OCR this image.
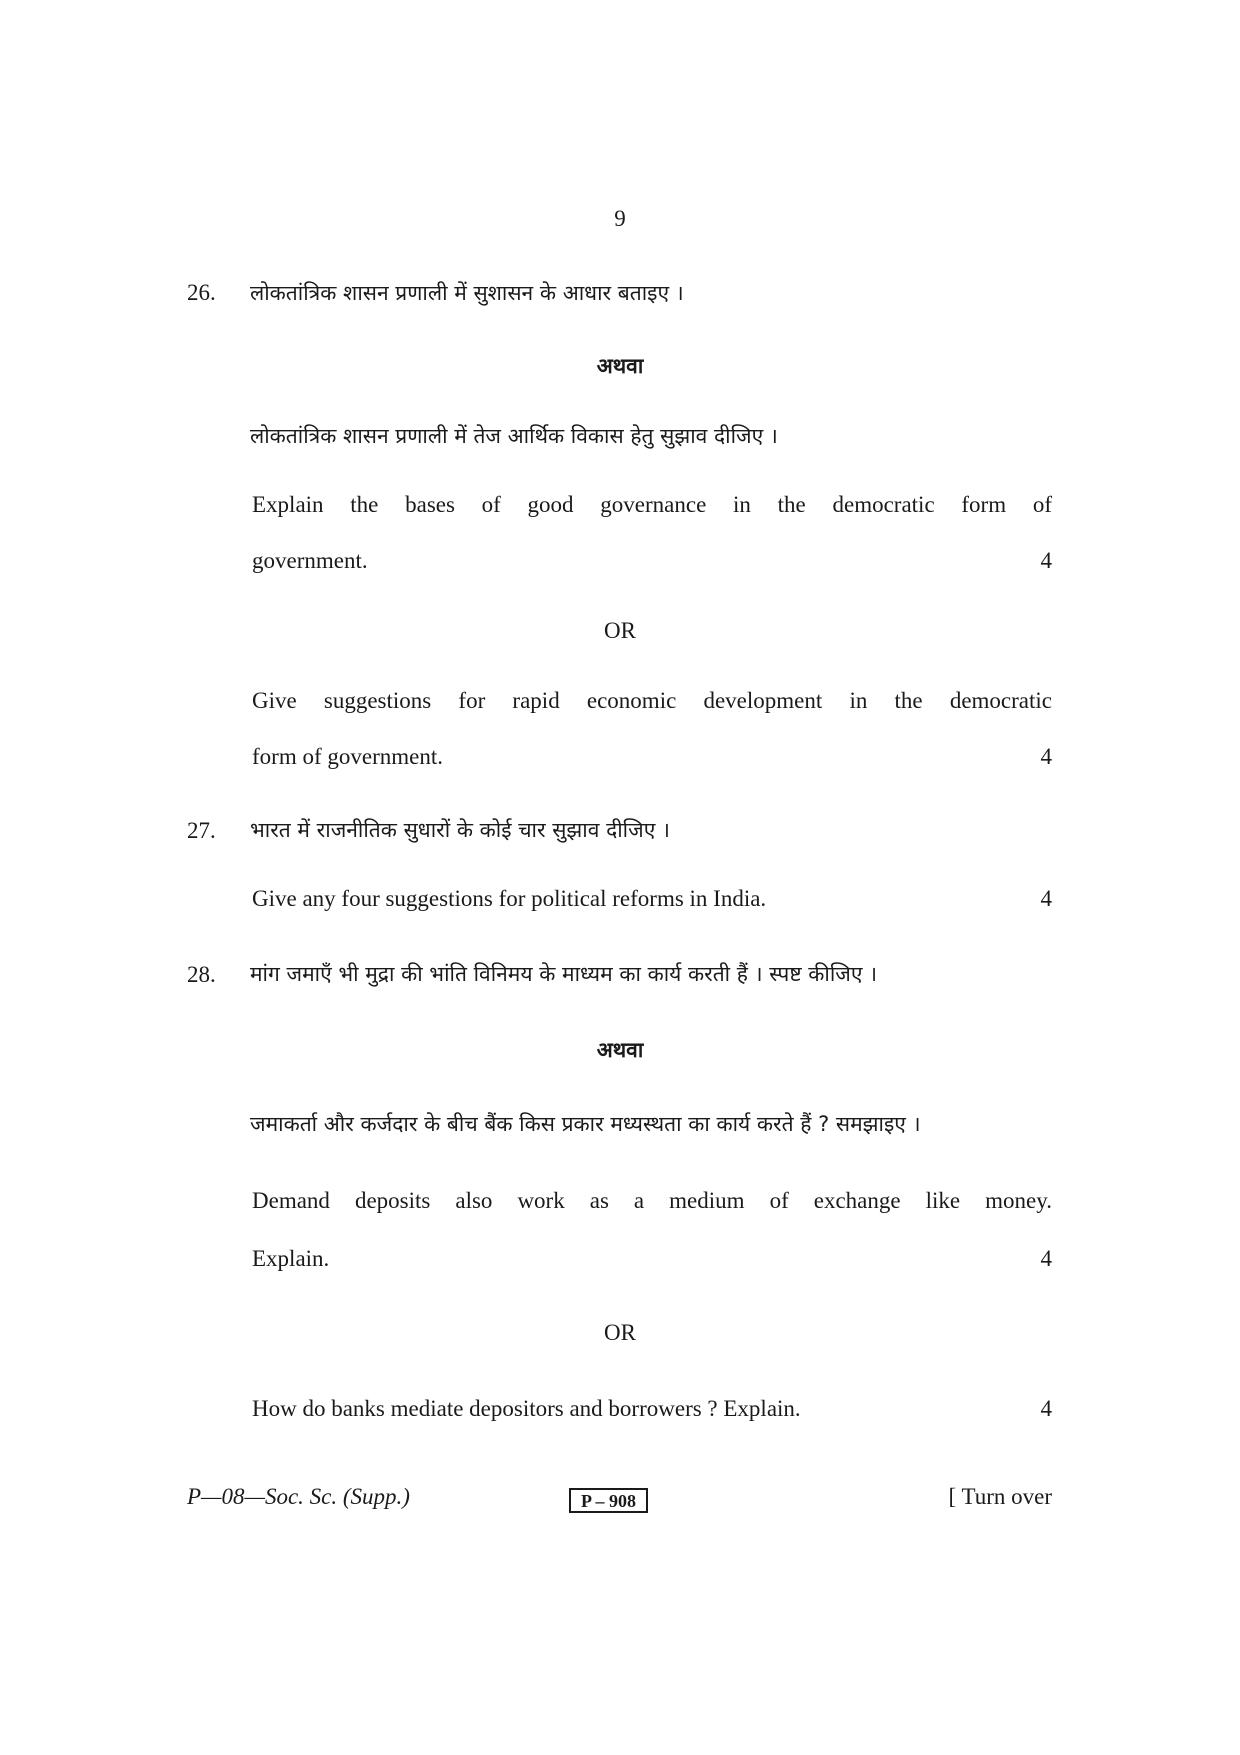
9
26. लोकतांत्रिक शासन प्रणाली में सुशासन के आधार बताइए ।
अथवा
लोकतांत्रिक शासन प्रणाली में तेज आर्थिक विकास हेतु सुझाव दीजिए ।
Explain the bases of good governance in the democratic form of
government.	4
OR
Give suggestions for rapid economic development in the democratic
form of government.	4
27. भारत में राजनीतिक सुधारों के कोई चार सुझाव दीजिए ।
Give any four suggestions for political reforms in India.	4
28. मांग जमाएँ भी मुद्रा की भांति विनिमय के माध्यम का कार्य करती हैं । स्पष्ट कीजिए ।
अथवा
जमाकर्ता और कर्जदार के बीच बैंक किस प्रकार मध्यस्थता का कार्य करते हैं ? समझाइए ।
Demand deposits also work as a medium of exchange like money.
Explain.	4
OR
How do banks mediate depositors and borrowers ? Explain.	4
P—08—Soc. Sc. (Supp.)	P – 908	[ Turn over
